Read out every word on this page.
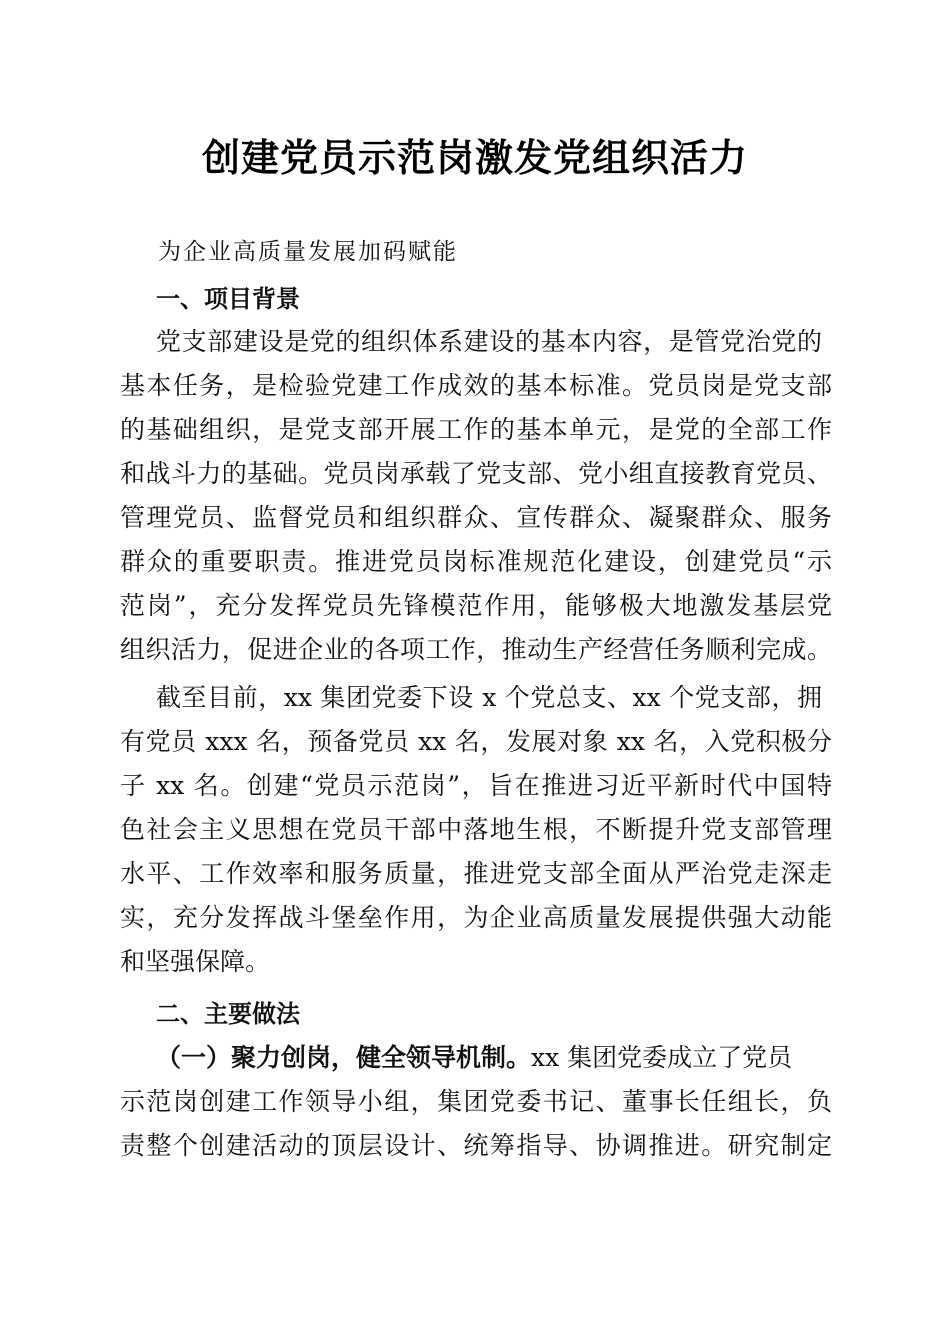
创建党员示范岗激发党组织活力
为企业高质量发展加码赋能
一、项目背景
党支部建设是党的组织体系建设的基本内容，是管党治党的
基本任务，是检验党建工作成效的基本标准。党员岗是党支部
的基础组织，是党支部开展工作的基本单元，是党的全部工作
和战斗力的基础。党员岗承载了党支部、党小组直接教育党员、
管理党员、监督党员和组织群众、宣传群众、凝聚群众、服务
群众的重要职责。推进党员岗标准规范化建设，创建党员“示
范岗”，充分发挥党员先锋模范作用，能够极大地激发基层党
组织活力，促进企业的各项工作，推动生产经营任务顺利完成。
截至目前，xx 集团党委下设 x 个党总支、xx 个党支部，拥
有党员 xxx 名，预备党员 xx 名，发展对象 xx 名，入党积极分
子 xx 名。创建“党员示范岗”，旨在推进习近平新时代中国特
色社会主义思想在党员干部中落地生根，不断提升党支部管理
水平、工作效率和服务质量，推进党支部全面从严治党走深走
实，充分发挥战斗堡垒作用，为企业高质量发展提供强大动能
和坚强保障。
二、主要做法
（一）聚力创岗，健全领导机制。xx 集团党委成立了党员
示范岗创建工作领导小组，集团党委书记、董事长任组长，负
责整个创建活动的顶层设计、统筹指导、协调推进。研究制定
